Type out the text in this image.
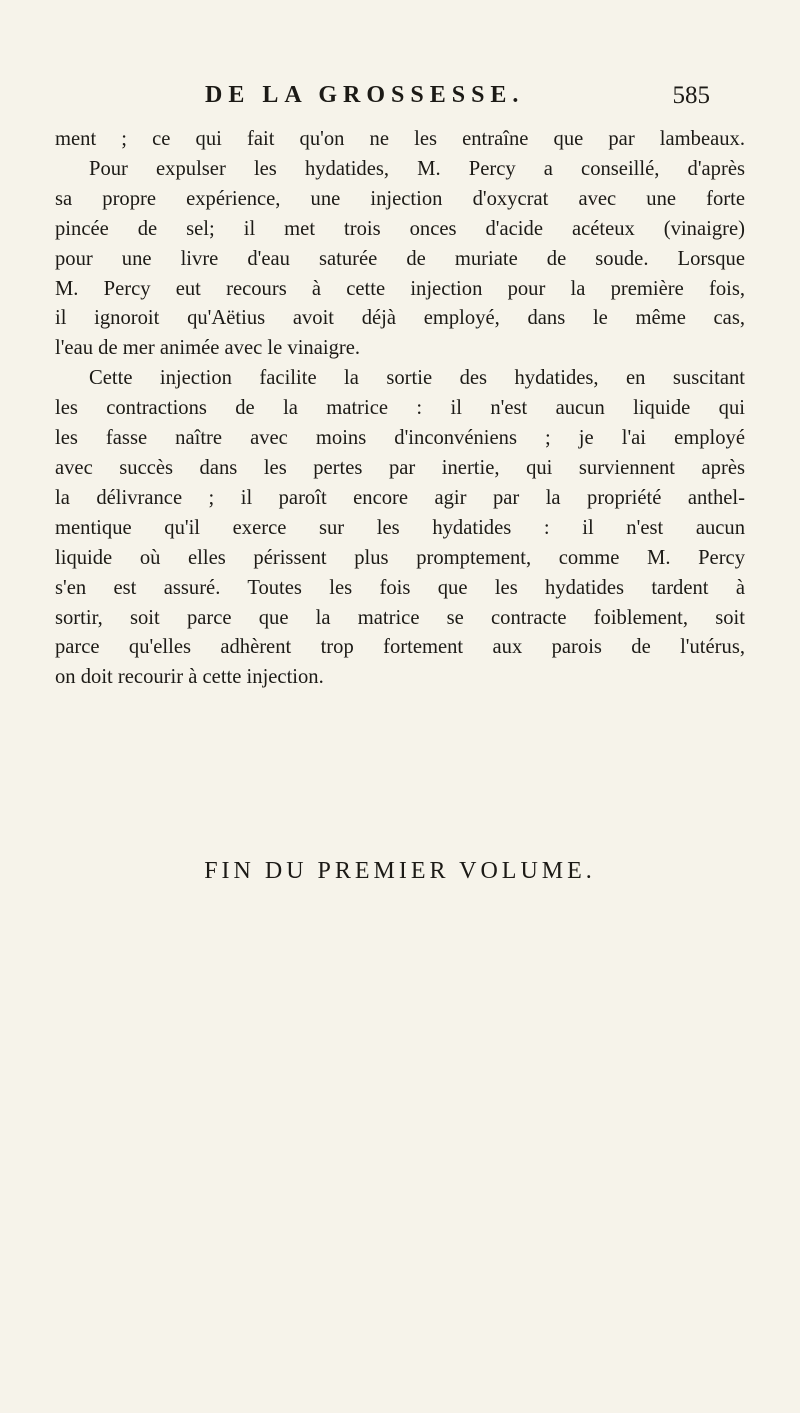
DE LA GROSSESSE.	585
ment ; ce qui fait qu'on ne les entraîne que par lambeaux.
Pour expulser les hydatides, M. Percy a conseillé, d'après
sa propre expérience, une injection d'oxycrat avec une forte
pincée de sel; il met trois onces d'acide acéteux (vinaigre)
pour une livre d'eau saturée de muriate de soude. Lorsque
M. Percy eut recours à cette injection pour la première fois,
il ignoroit qu'Aëtius avoit déjà employé, dans le même cas,
l'eau de mer animée avec le vinaigre.
Cette injection facilite la sortie des hydatides, en suscitant
les contractions de la matrice : il n'est aucun liquide qui
les fasse naître avec moins d'inconvéniens ; je l'ai employé
avec succès dans les pertes par inertie, qui surviennent après
la délivrance ; il paroît encore agir par la propriété anthel-
mentique qu'il exerce sur les hydatides : il n'est aucun
liquide où elles périssent plus promptement, comme M. Percy
s'en est assuré. Toutes les fois que les hydatides tardent à
sortir, soit parce que la matrice se contracte foiblement, soit
parce qu'elles adhèrent trop fortement aux parois de l'utérus,
on doit recourir à cette injection.
FIN DU PREMIER VOLUME.
